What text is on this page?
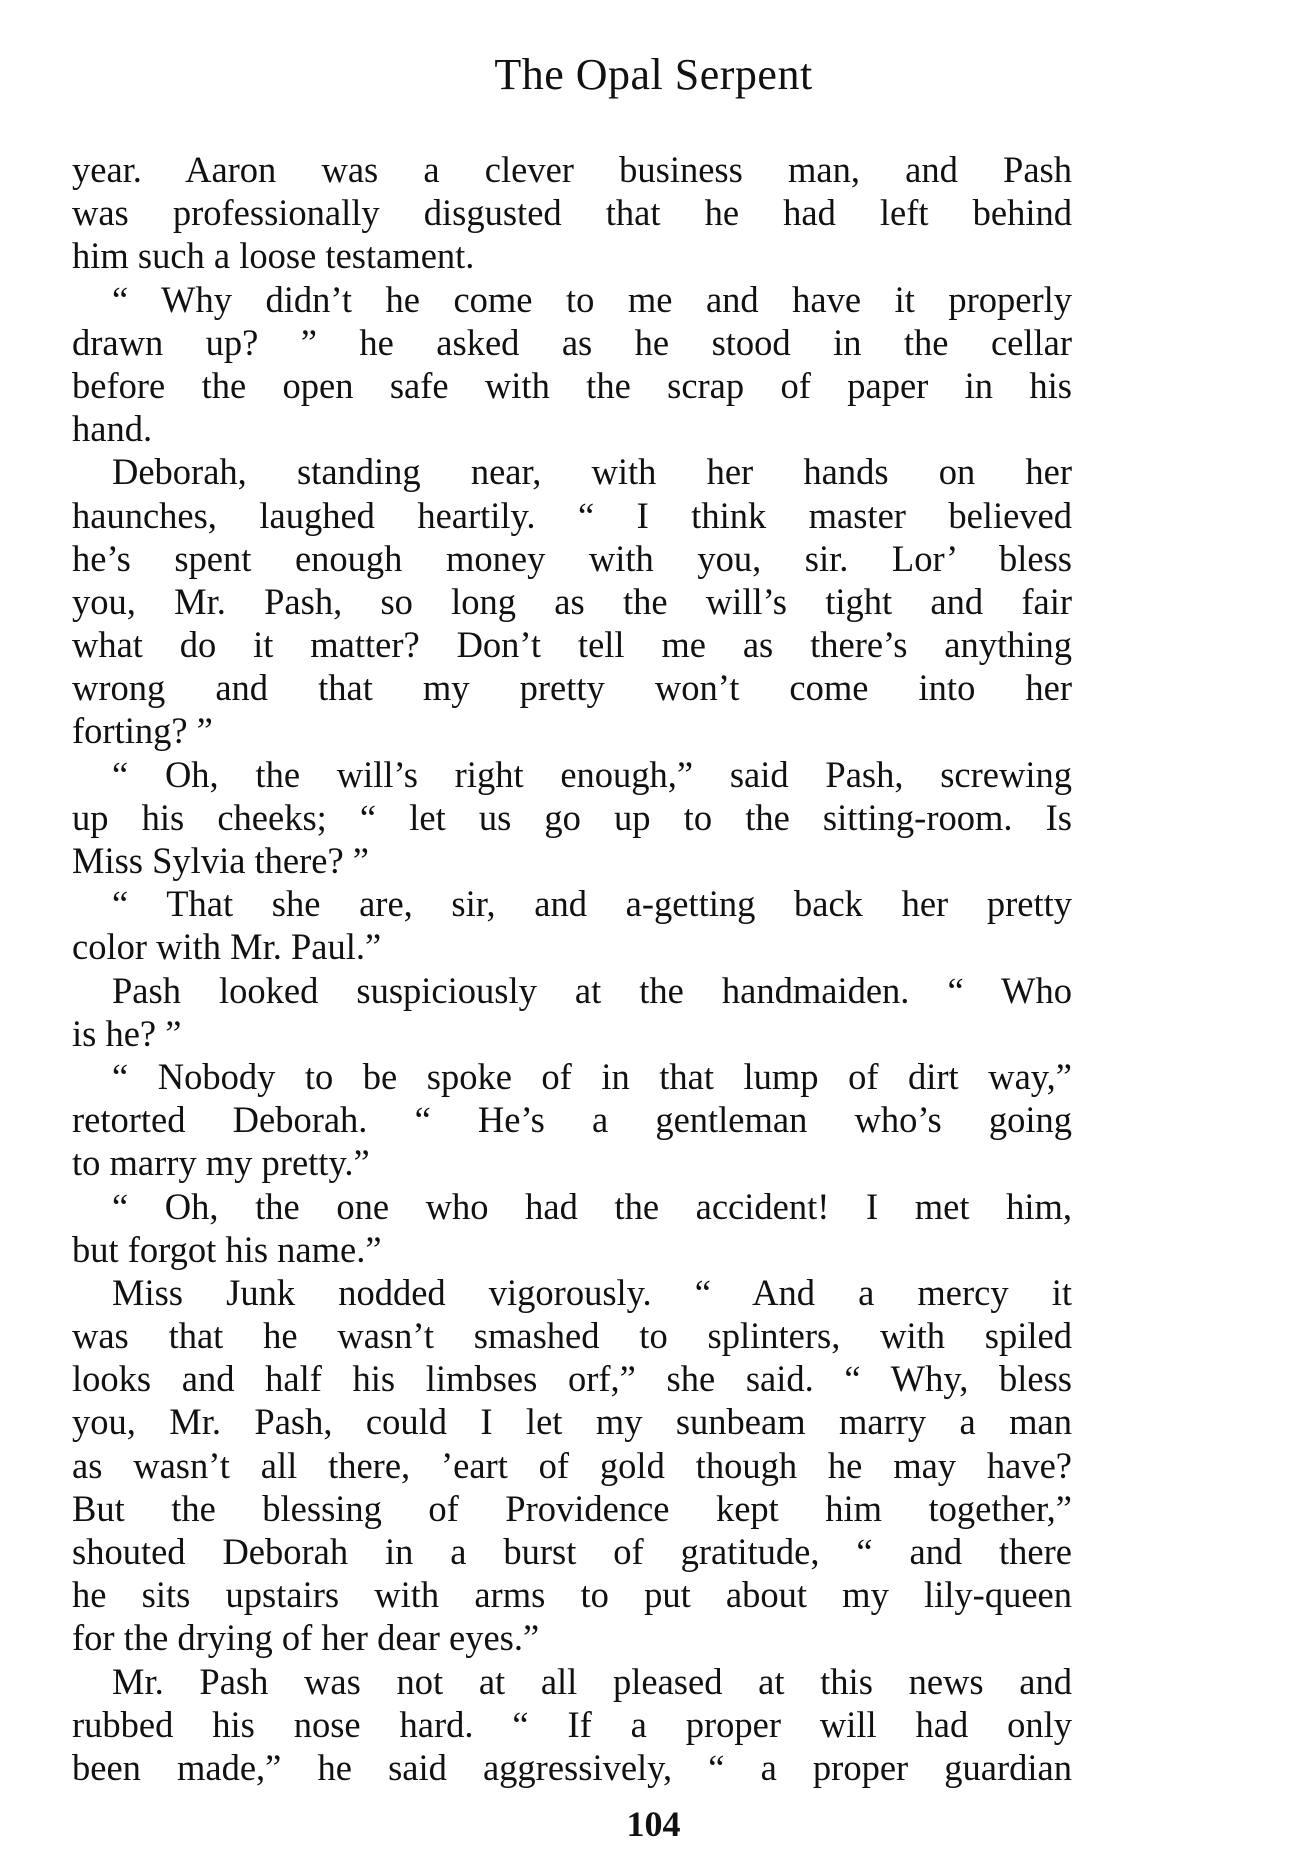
The Opal Serpent
year. Aaron was a clever business man, and Pash
was professionally disgusted that he had left behind
him such a loose testament.
“ Why didn’t he come to me and have it properly
drawn up? ” he asked as he stood in the cellar
before the open safe with the scrap of paper in his
hand.
Deborah, standing near, with her hands on her
haunches, laughed heartily. “ I think master believed
he’s spent enough money with you, sir. Lor’ bless
you, Mr. Pash, so long as the will’s tight and fair
what do it matter? Don’t tell me as there’s anything
wrong and that my pretty won’t come into her
forting? ”
“ Oh, the will’s right enough,” said Pash, screwing
up his cheeks; “ let us go up to the sitting-room. Is
Miss Sylvia there? ”
“ That she are, sir, and a-getting back her pretty
color with Mr. Paul.”
Pash looked suspiciously at the handmaiden. “ Who
is he? ”
“ Nobody to be spoke of in that lump of dirt way,”
retorted Deborah. “ He’s a gentleman who’s going
to marry my pretty.”
“ Oh, the one who had the accident! I met him,
but forgot his name.”
Miss Junk nodded vigorously. “ And a mercy it
was that he wasn’t smashed to splinters, with spiled
looks and half his limbses orf,” she said. “ Why, bless
you, Mr. Pash, could I let my sunbeam marry a man
as wasn’t all there, ’eart of gold though he may have?
But the blessing of Providence kept him together,”
shouted Deborah in a burst of gratitude, “ and there
he sits upstairs with arms to put about my lily-queen
for the drying of her dear eyes.”
Mr. Pash was not at all pleased at this news and
rubbed his nose hard. “ If a proper will had only
been made,” he said aggressively, “ a proper guardian
104
